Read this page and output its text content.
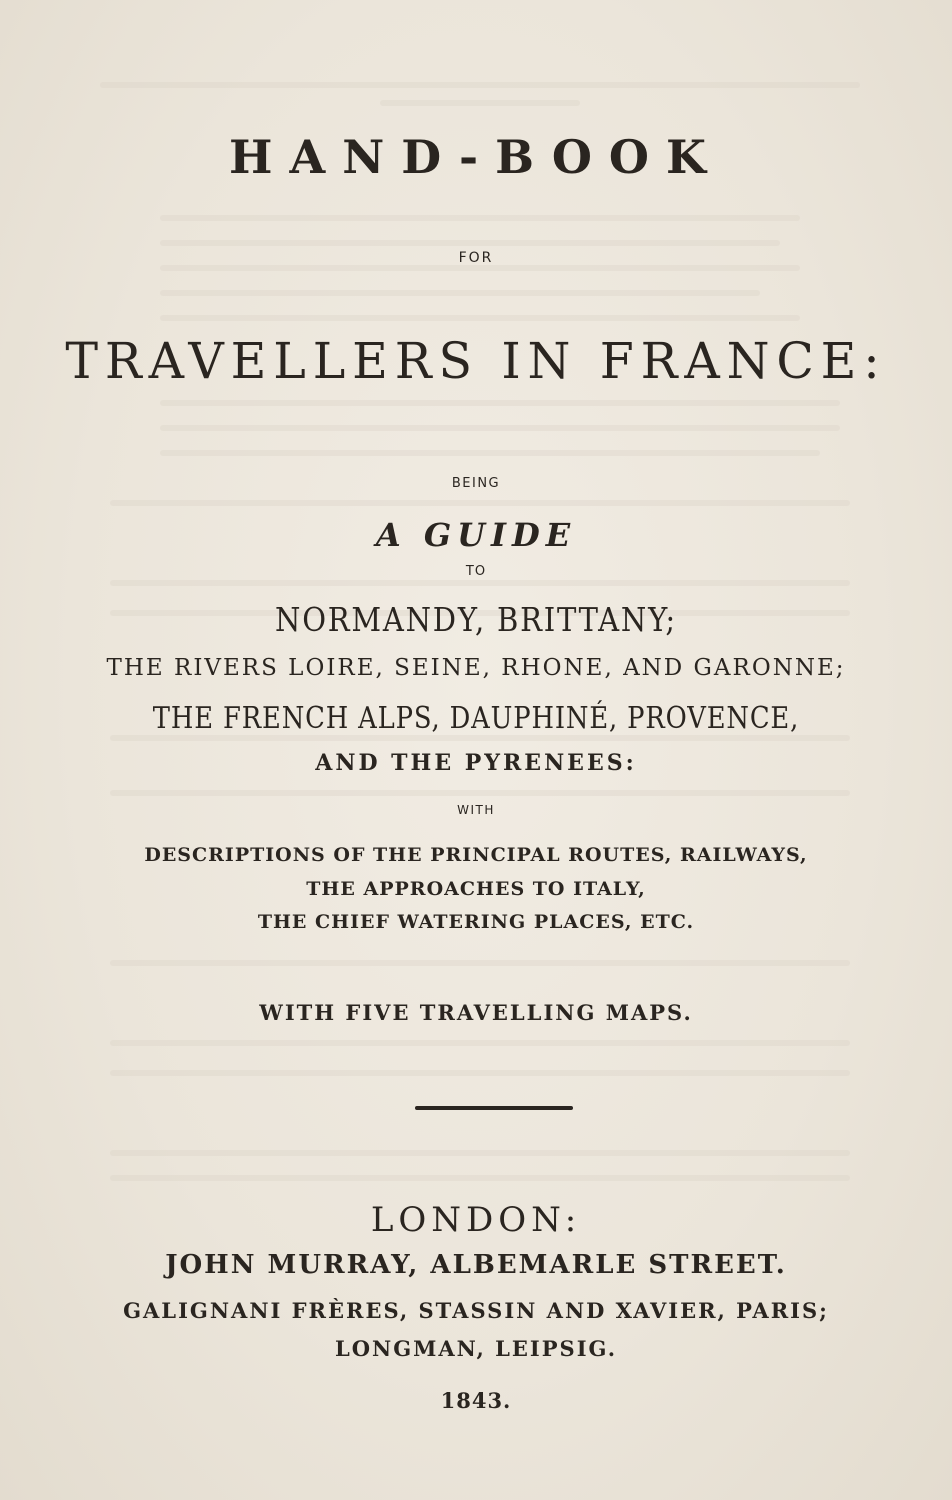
HAND-BOOK
FOR
TRAVELLERS IN FRANCE:
BEING
A GUIDE
TO
NORMANDY, BRITTANY;
THE RIVERS LOIRE, SEINE, RHONE, AND GARONNE;
THE FRENCH ALPS, DAUPHINÉ, PROVENCE,
AND THE PYRENEES:
WITH
DESCRIPTIONS OF THE PRINCIPAL ROUTES, RAILWAYS,
THE APPROACHES TO ITALY,
THE CHIEF WATERING PLACES, ETC.
WITH FIVE TRAVELLING MAPS.
LONDON:
JOHN MURRAY, ALBEMARLE STREET.
GALIGNANI FRÈRES, STASSIN AND XAVIER, PARIS;
LONGMAN, LEIPSIG.
1843.
